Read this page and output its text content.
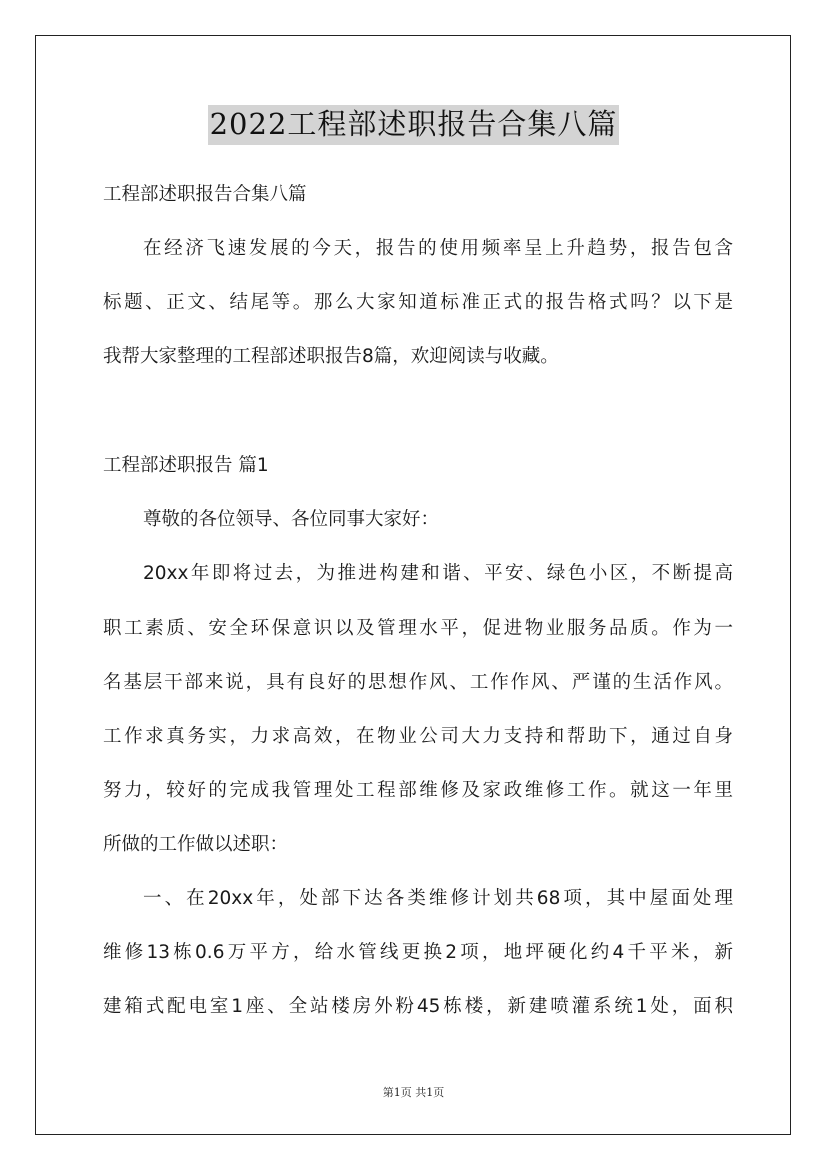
2022工程部述职报告合集八篇
工程部述职报告合集八篇
在经济飞速发展的今天，报告的使用频率呈上升趋势，报告包含
标题、正文、结尾等。那么大家知道标准正式的报告格式吗？以下是
我帮大家整理的工程部述职报告8篇，欢迎阅读与收藏。
工程部述职报告 篇1
尊敬的各位领导、各位同事大家好：
20xx年即将过去，为推进构建和谐、平安、绿色小区，不断提高
职工素质、安全环保意识以及管理水平，促进物业服务品质。作为一
名基层干部来说，具有良好的思想作风、工作作风、严谨的生活作风。
工作求真务实，力求高效，在物业公司大力支持和帮助下，通过自身
努力，较好的完成我管理处工程部维修及家政维修工作。就这一年里
所做的工作做以述职：
一、在20xx年，处部下达各类维修计划共68项，其中屋面处理
维修13栋0.6万平方，给水管线更换2项，地坪硬化约4千平米，新
建箱式配电室1座、全站楼房外粉45栋楼，新建喷灌系统1处，面积
第1页 共1页
